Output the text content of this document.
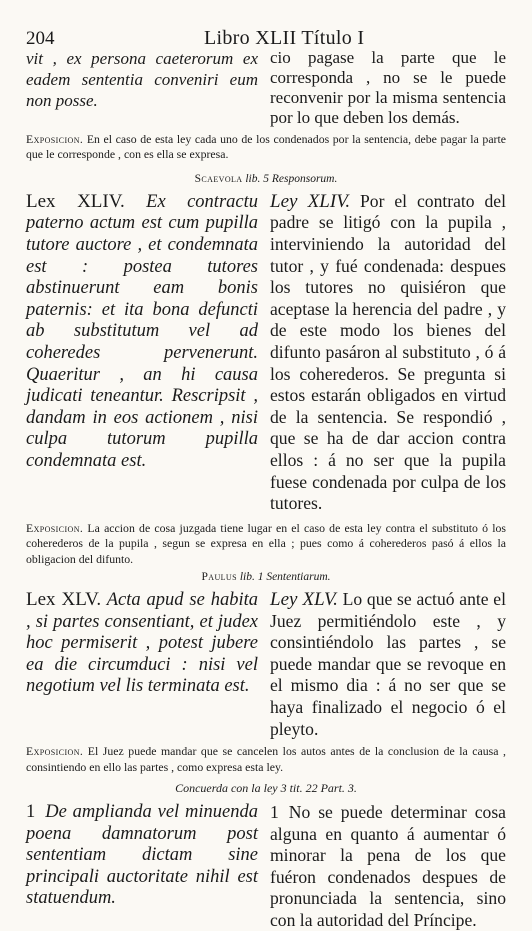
204	Libro XLII Título I

vit , ex persona caeterorum ex eadem sententia conveniri eum non posse.

cio pagase la parte que le corresponda , no se le puede reconvenir por la misma sentencia por lo que deben los demás.

Exposicion. En el caso de esta ley cada uno de los condenados por la sentencia, debe pagar la parte que le corresponde , con es ella se expresa.

Scaevola lib. 5 Responsorum.

Lex XLIV. Ex contractu paterno actum est cum pupilla tutore auctore , et condemnata est : postea tutores abstinuerunt eam bonis paternis: et ita bona defuncti ab substitutum vel ad coheredes pervenerunt. Quaeritur , an hi causa judicati teneantur. Rescripsit , dandam in eos actionem , nisi culpa tutorum pupilla condemnata est.

Ley XLIV. Por el contrato del padre se litigó con la pupila , interviniendo la autoridad del tutor , y fué condenada: despues los tutores no quisiéron que aceptase la herencia del padre , y de este modo los bienes del difunto pasáron al substituto , ó á los coherederos. Se pregunta si estos estarán obligados en virtud de la sentencia. Se respondió , que se ha de dar accion contra ellos : á no ser que la pupila fuese condenada por culpa de los tutores.

Exposicion. La accion de cosa juzgada tiene lugar en el caso de esta ley contra el substituto ó los coherederos de la pupila , segun se expresa en ella ; pues como á coherederos pasó á ellos la obligacion del difunto.

Paulus lib. 1 Sententiarum.

Lex XLV. Acta apud se habita , si partes consentiant, et judex hoc permiserit , potest jubere ea die circumduci : nisi vel negotium vel lis terminata est.

Ley XLV. Lo que se actuó ante el Juez permitiéndolo este , y consintiéndolo las partes , se puede mandar que se revoque en el mismo dia : á no ser que se haya finalizado el negocio ó el pleyto.

Exposicion. El Juez puede mandar que se cancelen los autos antes de la conclusion de la causa , consintiendo en ello las partes , como expresa esta ley.

Concuerda con la ley 3 tit. 22 Part. 3.

1 De amplianda vel minuenda poena damnatorum post sententiam dictam sine principali auctoritate nihil est statuendum.

1 No se puede determinar cosa alguna en quanto á aumentar ó minorar la pena de los que fuéron condenados despues de pronunciada la sentencia, sino con la autoridad del Príncipe.
